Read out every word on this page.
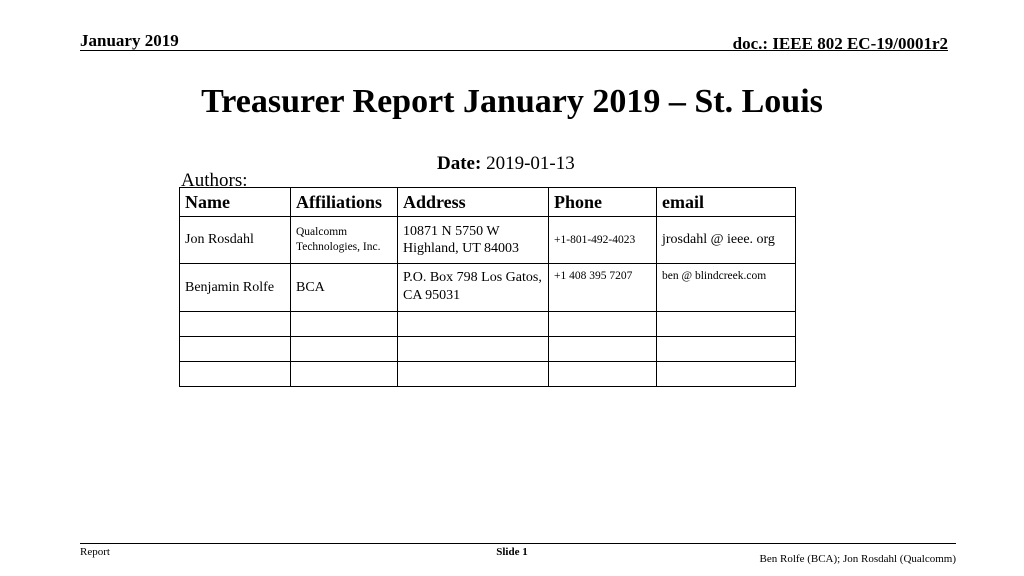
January 2019	doc.: IEEE 802 EC-19/0001r2
Treasurer Report January 2019 – St. Louis
Date: 2019-01-13
Authors:
Name	Affiliations	Address	Phone	email
Jon Rosdahl	Qualcomm Technologies, Inc.	10871 N 5750 W Highland, UT 84003	+1-801-492-4023	jrosdahl @ ieee. org
Benjamin Rolfe	BCA	P.O. Box 798 Los Gatos, CA 95031	+1 408 395 7207	ben @ blindcreek.com

Report	Slide 1
Ben Rolfe (BCA); Jon Rosdahl (Qualcomm)
